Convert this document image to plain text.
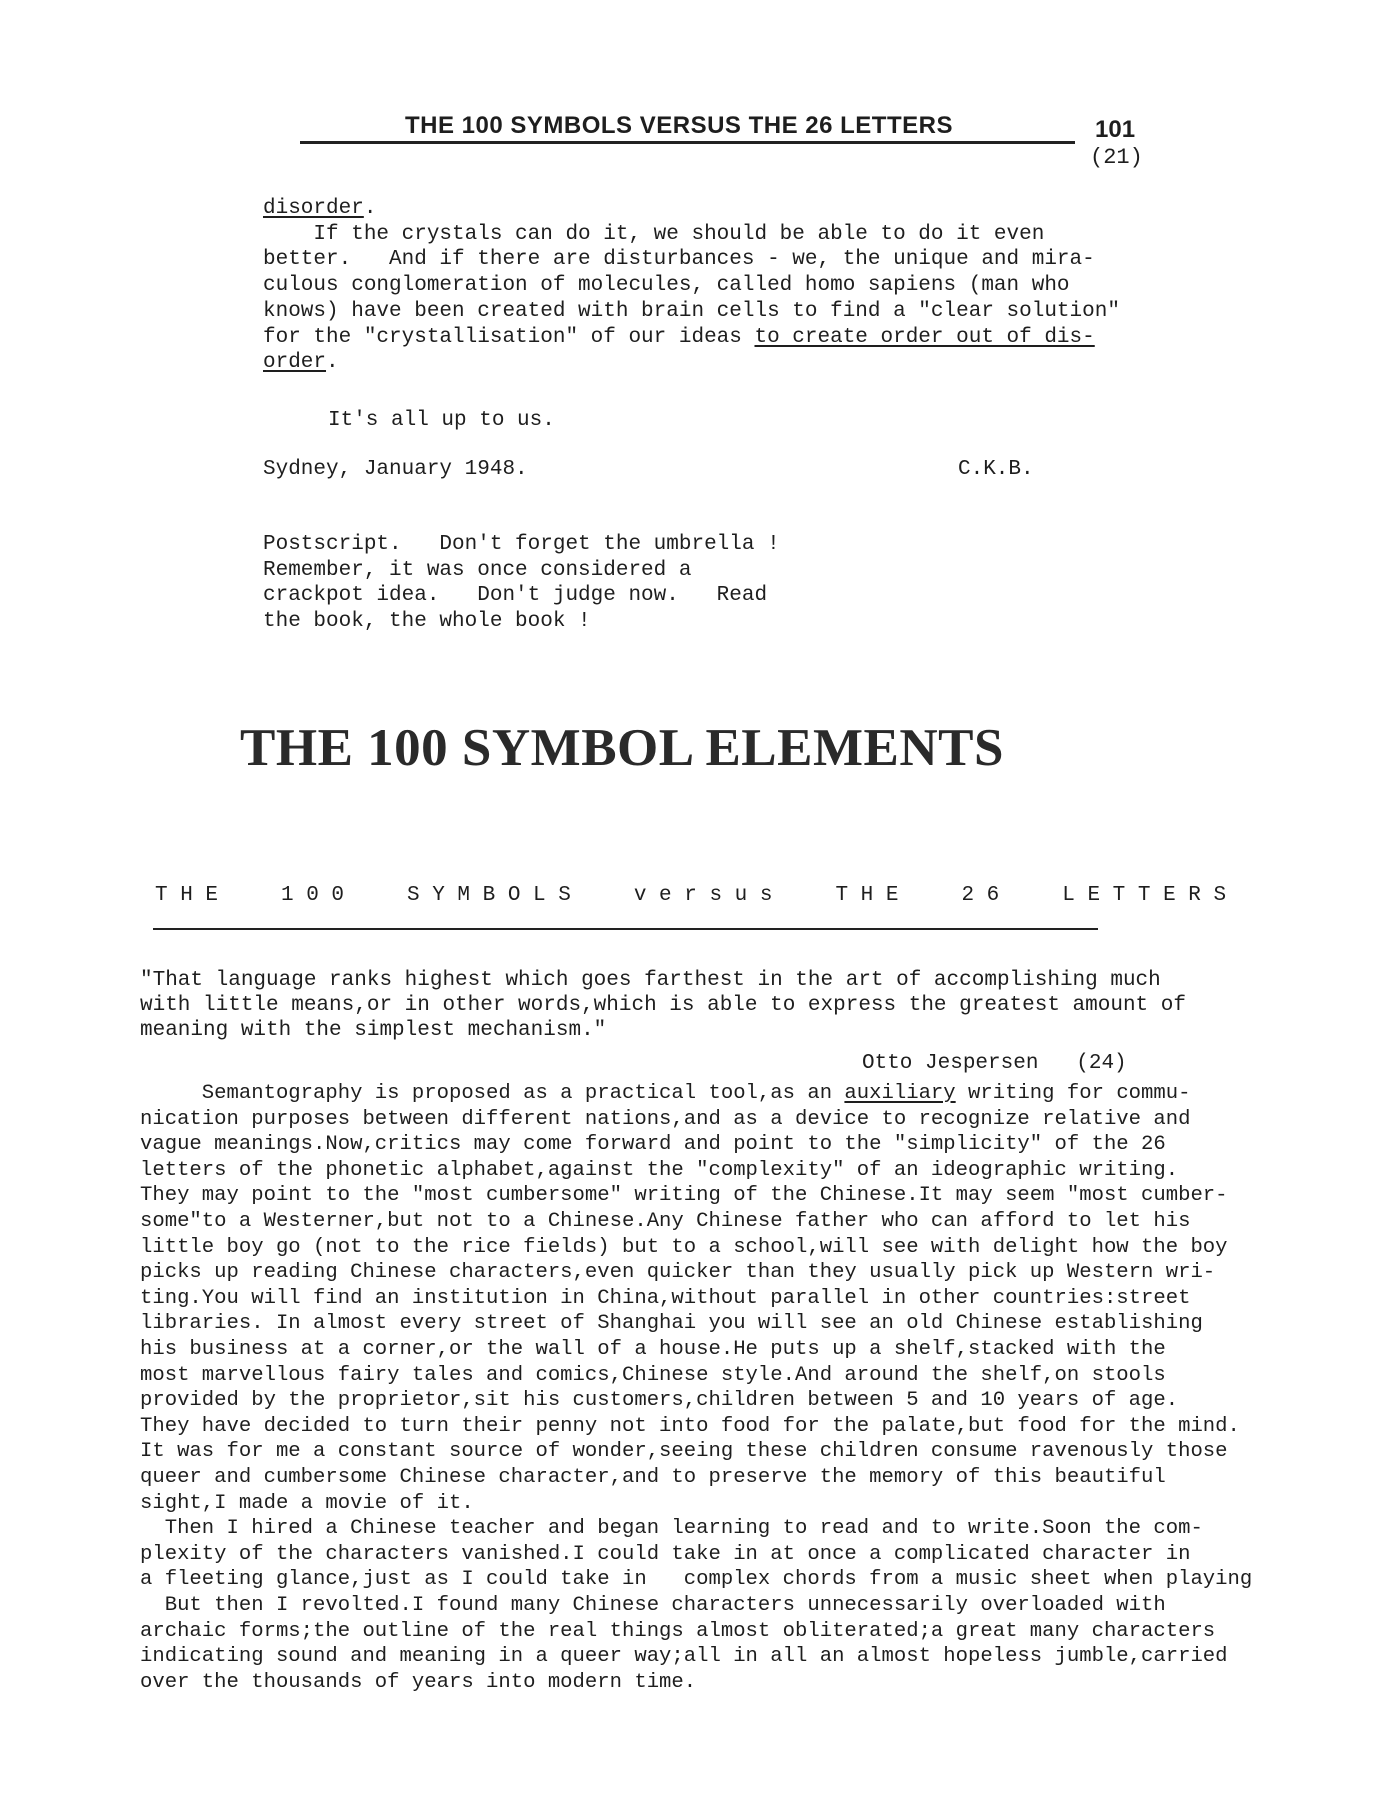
THE 100 SYMBOLS VERSUS THE 26 LETTERS	101
(21)
disorder.
If the crystals can do it, we should be able to do it even
better.   And if there are disturbances - we, the unique and mira-
culous conglomeration of molecules, called homo sapiens (man who
knows) have been created with brain cells to find a "clear solution"
for the "crystallisation" of our ideas to create order out of dis-
order.
It's all up to us.
Sydney, January 1948.	C.K.B.
Postscript.   Don't forget the umbrella !
Remember, it was once considered a
crackpot idea.   Don't judge now.   Read
the book, the whole book !
THE 100 SYMBOL ELEMENTS
THE  100  SYMBOLS  versus  THE  26  LETTERS
"That language ranks highest which goes farthest in the art of accomplishing much
with little means,or in other words,which is able to express the greatest amount of
meaning with the simplest mechanism."
Otto Jespersen   (24)
Semantography is proposed as a practical tool,as an auxiliary writing for commu-
nication purposes between different nations,and as a device to recognize relative and
vague meanings.Now,critics may come forward and point to the "simplicity" of the 26
letters of the phonetic alphabet,against the "complexity" of an ideographic writing.
They may point to the "most cumbersome" writing of the Chinese.It may seem "most cumber-
some"to a Westerner,but not to a Chinese.Any Chinese father who can afford to let his
little boy go (not to the rice fields) but to a school,will see with delight how the boy
picks up reading Chinese characters,even quicker than they usually pick up Western wri-
ting.You will find an institution in China,without parallel in other countries:street
libraries. In almost every street of Shanghai you will see an old Chinese establishing
his business at a corner,or the wall of a house.He puts up a shelf,stacked with the
most marvellous fairy tales and comics,Chinese style.And around the shelf,on stools
provided by the proprietor,sit his customers,children between 5 and 10 years of age.
They have decided to turn their penny not into food for the palate,but food for the mind.
It was for me a constant source of wonder,seeing these children consume ravenously those
queer and cumbersome Chinese character,and to preserve the memory of this beautiful
sight,I made a movie of it.
Then I hired a Chinese teacher and began learning to read and to write.Soon the com-
plexity of the characters vanished.I could take in at once a complicated character in
a fleeting glance,just as I could take in   complex chords from a music sheet when playing
But then I revolted.I found many Chinese characters unnecessarily overloaded with
archaic forms;the outline of the real things almost obliterated;a great many characters
indicating sound and meaning in a queer way;all in all an almost hopeless jumble,carried
over the thousands of years into modern time.
